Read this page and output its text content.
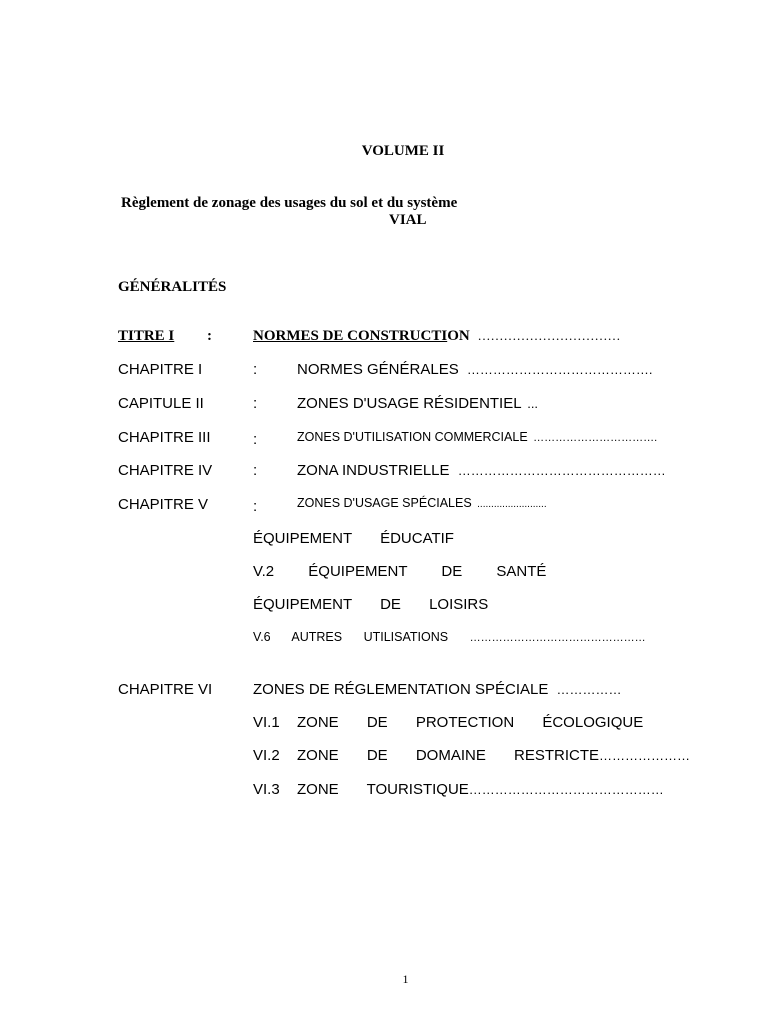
VOLUME II
Règlement de zonage des usages du sol et du système
VIAL
GÉNÉRALITÉS
TITRE I :	NORMES DE CONSTRUCTION ……………………………
CHAPITRE I	:	NORMES GÉNÉRALES …………………………………….
CAPITULE II	:	ZONES D'USAGE RÉSIDENTIEL ...
CHAPITRE III	:	ZONES D'UTILISATION COMMERCIALE …………………………….
CHAPITRE IV	:	ZONA INDUSTRIELLE …………………………………………
CHAPITRE V	:	ZONES D'USAGE SPÉCIALES .........................
ÉQUIPEMENT ÉDUCATIF
V.2 ÉQUIPEMENT DE SANTÉ
ÉQUIPEMENT DE LOISIRS
V.6 AUTRES UTILISATIONS …………………………………………
CHAPITRE VI	ZONES DE RÉGLEMENTATION SPÉCIALE ……………
VI.1 ZONE DE PROTECTION ÉCOLOGIQUE
VI.2 ZONE DE DOMAINE RESTRICTE…………………
VI.3 ZONE TOURISTIQUE………………………………………
1
